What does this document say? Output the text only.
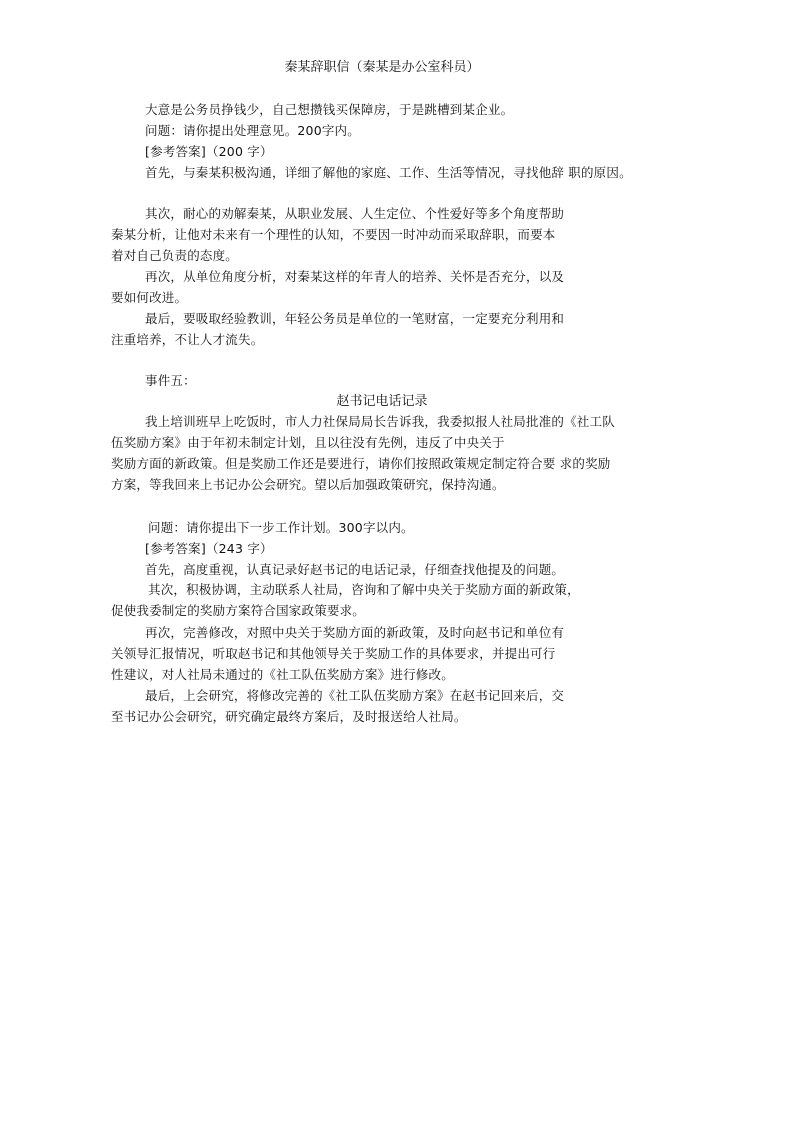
秦某辞职信（秦某是办公室科员）
大意是公务员挣钱少，自己想攒钱买保障房，于是跳槽到某企业。
问题：请你提出处理意见。200字内。
[参考答案]（200 字）
首先，与秦某积极沟通，详细了解他的家庭、工作、生活等情况，寻找他辞 职的原因。
其次，耐心的劝解秦某，从职业发展、人生定位、个性爱好等多个角度帮助
秦某分析，让他对未来有一个理性的认知，不要因一时冲动而采取辞职，而要本
着对自己负责的态度。
再次，从单位角度分析，对秦某这样的年青人的培养、关怀是否充分，以及
要如何改进。
最后，要吸取经验教训，年轻公务员是单位的一笔财富，一定要充分利用和
注重培养，不让人才流失。
事件五：
赵书记电话记录
我上培训班早上吃饭时，市人力社保局局长告诉我，我委拟报人社局批准的《社工队
伍奖励方案》由于年初未制定计划，且以往没有先例，违反了中央关于
奖励方面的新政策。但是奖励工作还是要进行，请你们按照政策规定制定符合要 求的奖励
方案，等我回来上书记办公会研究。望以后加强政策研究，保持沟通。
问题：请你提出下一步工作计划。300字以内。
[参考答案]（243 字）
首先，高度重视，认真记录好赵书记的电话记录，仔细查找他提及的问题。
其次，积极协调，主动联系人社局，咨询和了解中央关于奖励方面的新政策，
促使我委制定的奖励方案符合国家政策要求。
再次，完善修改，对照中央关于奖励方面的新政策，及时向赵书记和单位有
关领导汇报情况，听取赵书记和其他领导关于奖励工作的具体要求，并提出可行
性建议，对人社局未通过的《社工队伍奖励方案》进行修改。
最后，上会研究，将修改完善的《社工队伍奖励方案》在赵书记回来后，交
至书记办公会研究，研究确定最终方案后，及时报送给人社局。
